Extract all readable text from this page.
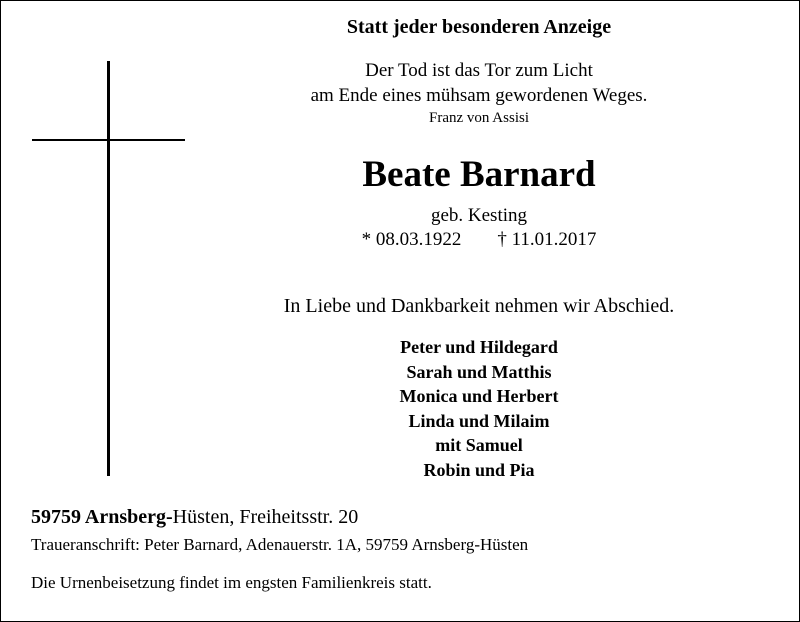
Statt jeder besonderen Anzeige
Der Tod ist das Tor zum Licht
am Ende eines mühsam gewordenen Weges.
Franz von Assisi
Beate Barnard
geb. Kesting
* 08.03.1922 † 11.01.2017
In Liebe und Dankbarkeit nehmen wir Abschied.
Peter und Hildegard
Sarah und Matthis
Monica und Herbert
Linda und Milaim
mit Samuel
Robin und Pia
59759 Arnsberg-Hüsten, Freiheitsstr. 20
Traueranschrift: Peter Barnard, Adenauerstr. 1A, 59759 Arnsberg-Hüsten
Die Urnenbeisetzung findet im engsten Familienkreis statt.
